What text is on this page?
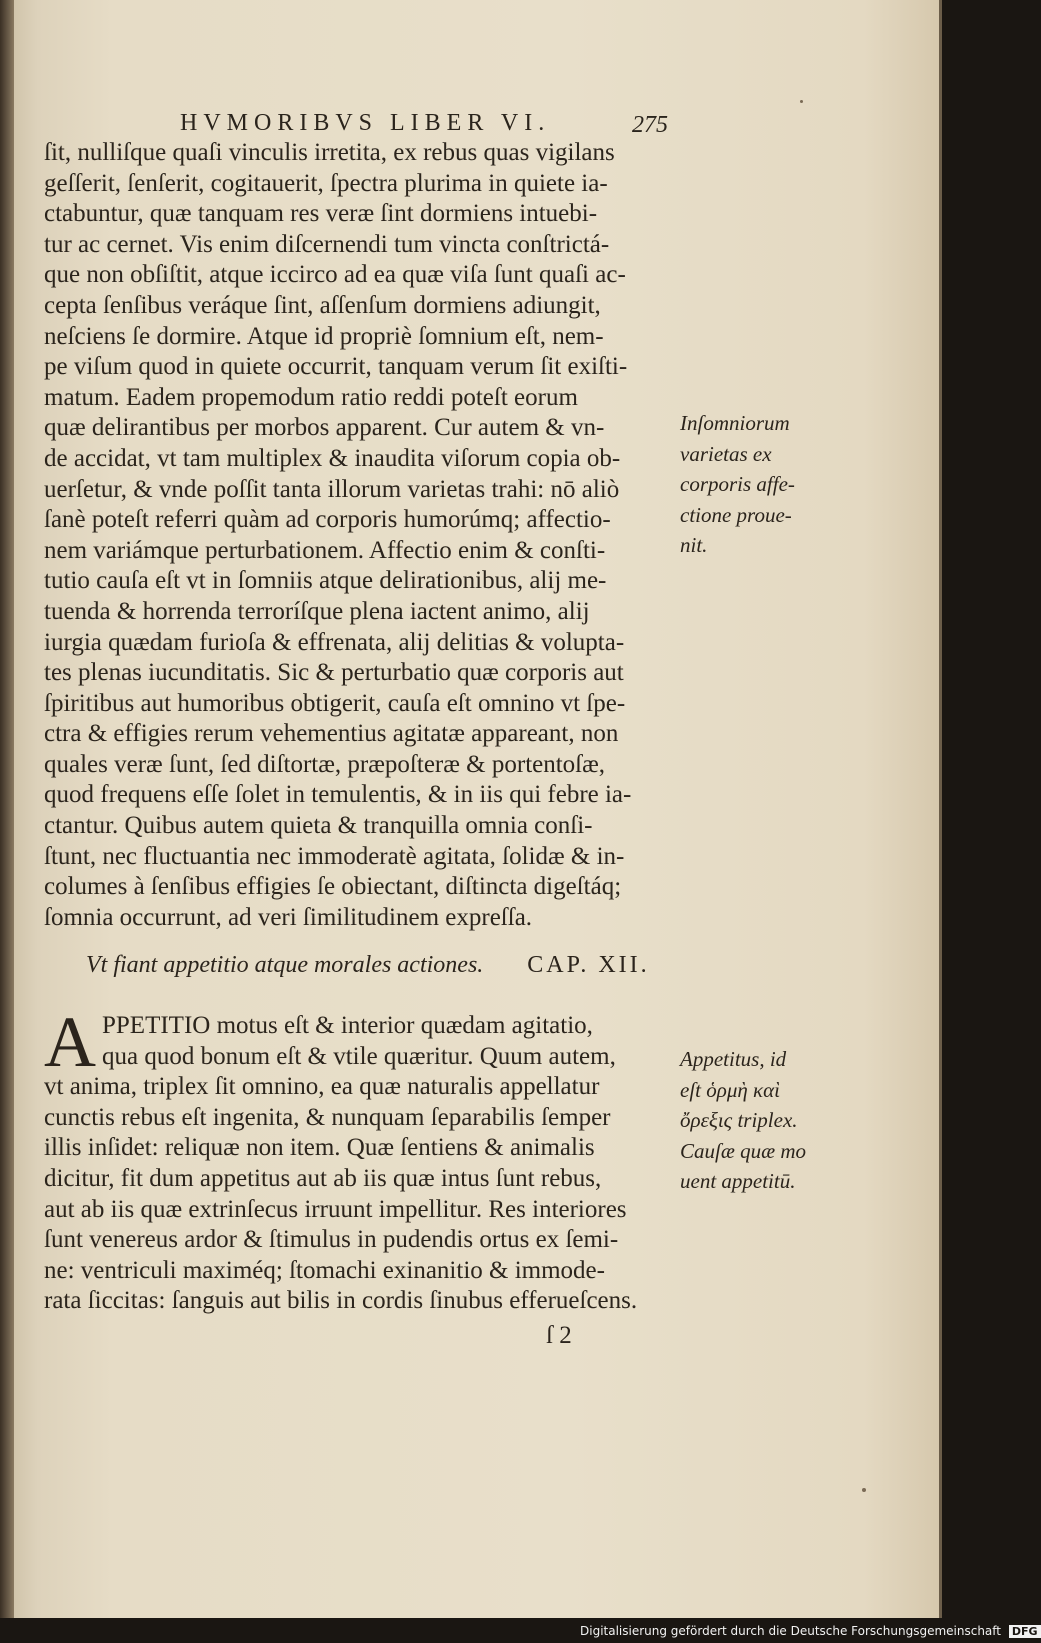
HVMORIBVS LIBER VI.	275
ſit, nulliſque quaſi vinculis irretita, ex rebus quas vigilans
geſſerit, ſenſerit, cogitauerit, ſpectra plurima in quiete ia-
ctabuntur, quæ tanquam res veræ ſint dormiens intuebi-
tur ac cernet. Vis enim diſcernendi tum vincta conſtrictá-
que non obſiſtit, atque iccirco ad ea quæ viſa ſunt quaſi ac-
cepta ſenſibus veráque ſint, aſſenſum dormiens adiungit,
neſciens ſe dormire. Atque id propriè ſomnium eſt, nem-
pe viſum quod in quiete occurrit, tanquam verum ſit exiſti-
matum. Eadem propemodum ratio reddi poteſt eorum
quæ delirantibus per morbos apparent. Cur autem & vn-
de accidat, vt tam multiplex & inaudita viſorum copia ob-
uerſetur, & vnde poſſit tanta illorum varietas trahi: nō aliò
ſanè poteſt referri quàm ad corporis humorúmq; affectio-
nem variámque perturbationem. Affectio enim & conſti-
tutio cauſa eſt vt in ſomniis atque delirationibus, alij me-
tuenda & horrenda terroríſque plena iactent animo, alij
iurgia quædam furioſa & effrenata, alij delitias & volupta-
tes plenas iucunditatis. Sic & perturbatio quæ corporis aut
ſpiritibus aut humoribus obtigerit, cauſa eſt omnino vt ſpe-
ctra & effigies rerum vehementius agitatæ appareant, non
quales veræ ſunt, ſed diſtortæ, præpoſteræ & portentoſæ,
quod frequens eſſe ſolet in temulentis, & in iis qui febre ia-
ctantur. Quibus autem quieta & tranquilla omnia conſi-
ſtunt, nec fluctuantia nec immoderatè agitata, ſolidæ & in-
columes à ſenſibus effigies ſe obiectant, diſtincta digeſtáq;
ſomnia occurrunt, ad veri ſimilitudinem expreſſa.
Inſomniorum
varietas ex
corporis affe-
ctione proue-
nit.
Vt fiant appetitio atque morales actiones. CAP. XII.
A PPETITIO motus eſt & interior quædam agitatio,
qua quod bonum eſt & vtile quæritur. Quum autem,
vt anima, triplex ſit omnino, ea quæ naturalis appellatur
cunctis rebus eſt ingenita, & nunquam ſeparabilis ſemper
illis inſidet: reliquæ non item. Quæ ſentiens & animalis
dicitur, fit dum appetitus aut ab iis quæ intus ſunt rebus,
aut ab iis quæ extrinſecus irruunt impellitur. Res interiores
ſunt venereus ardor & ſtimulus in pudendis ortus ex ſemi-
ne: ventriculi maximéq; ſtomachi exinanitio & immode-
rata ſiccitas: ſanguis aut bilis in cordis ſinubus efferueſcens.
Appetitus, id
eſt ὁρμὴ καὶ
ὄρεξις triplex.
Cauſæ quæ mo
uent appetitū.
ſ 2
Digitalisierung gefördert durch die Deutsche Forschungsgemeinschaft DFG
